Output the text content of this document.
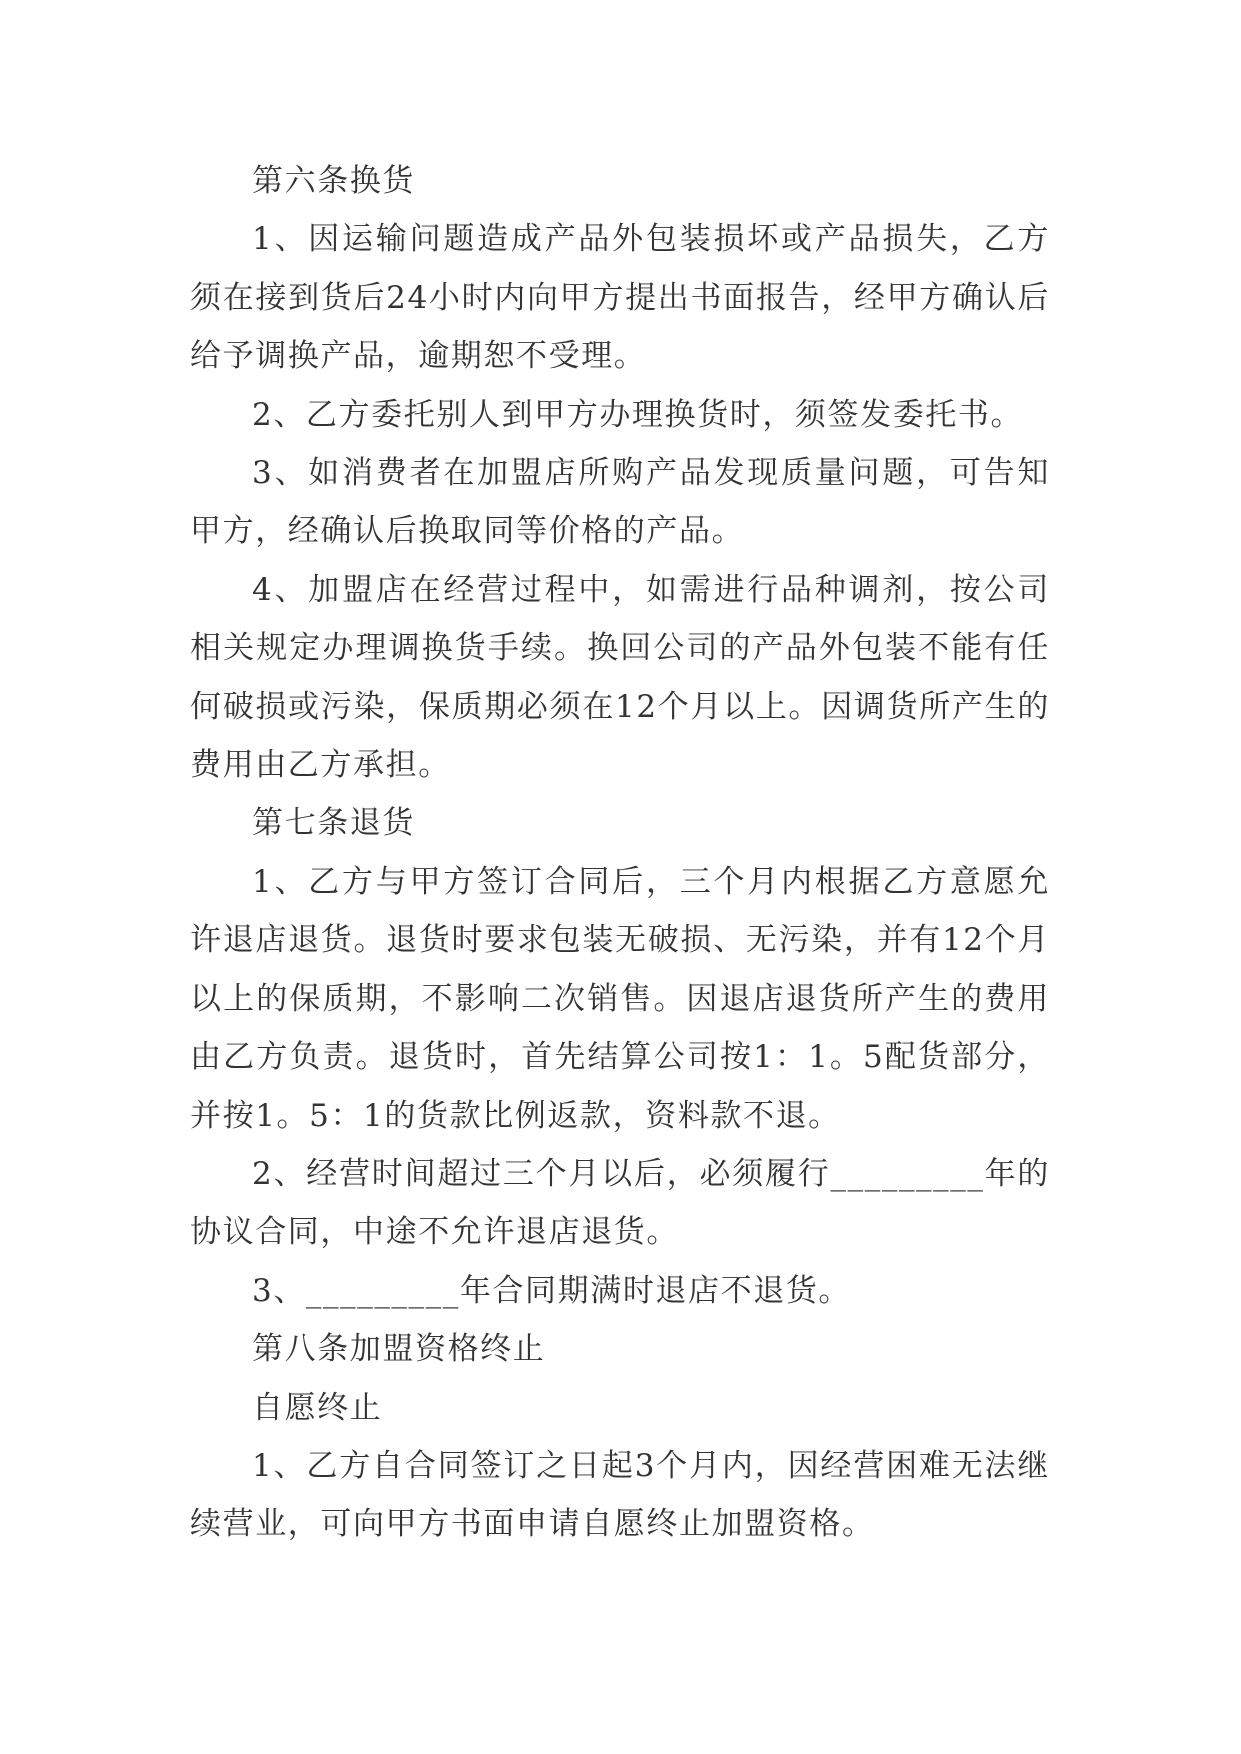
第六条换货

1、因运输问题造成产品外包装损坏或产品损失，乙方须在接到货后24小时内向甲方提出书面报告，经甲方确认后给予调换产品，逾期恕不受理。

2、乙方委托别人到甲方办理换货时，须签发委托书。

3、如消费者在加盟店所购产品发现质量问题，可告知甲方，经确认后换取同等价格的产品。

4、加盟店在经营过程中，如需进行品种调剂，按公司相关规定办理调换货手续。换回公司的产品外包装不能有任何破损或污染，保质期必须在12个月以上。因调货所产生的费用由乙方承担。

第七条退货

1、乙方与甲方签订合同后，三个月内根据乙方意愿允许退店退货。退货时要求包装无破损、无污染，并有12个月以上的保质期，不影响二次销售。因退店退货所产生的费用由乙方负责。退货时，首先结算公司按1：1。5配货部分，并按1。5：1的货款比例返款，资料款不退。

2、经营时间超过三个月以后，必须履行_________年的协议合同，中途不允许退店退货。

3、_________年合同期满时退店不退货。

第八条加盟资格终止

自愿终止

1、乙方自合同签订之日起3个月内，因经营困难无法继续营业，可向甲方书面申请自愿终止加盟资格。
